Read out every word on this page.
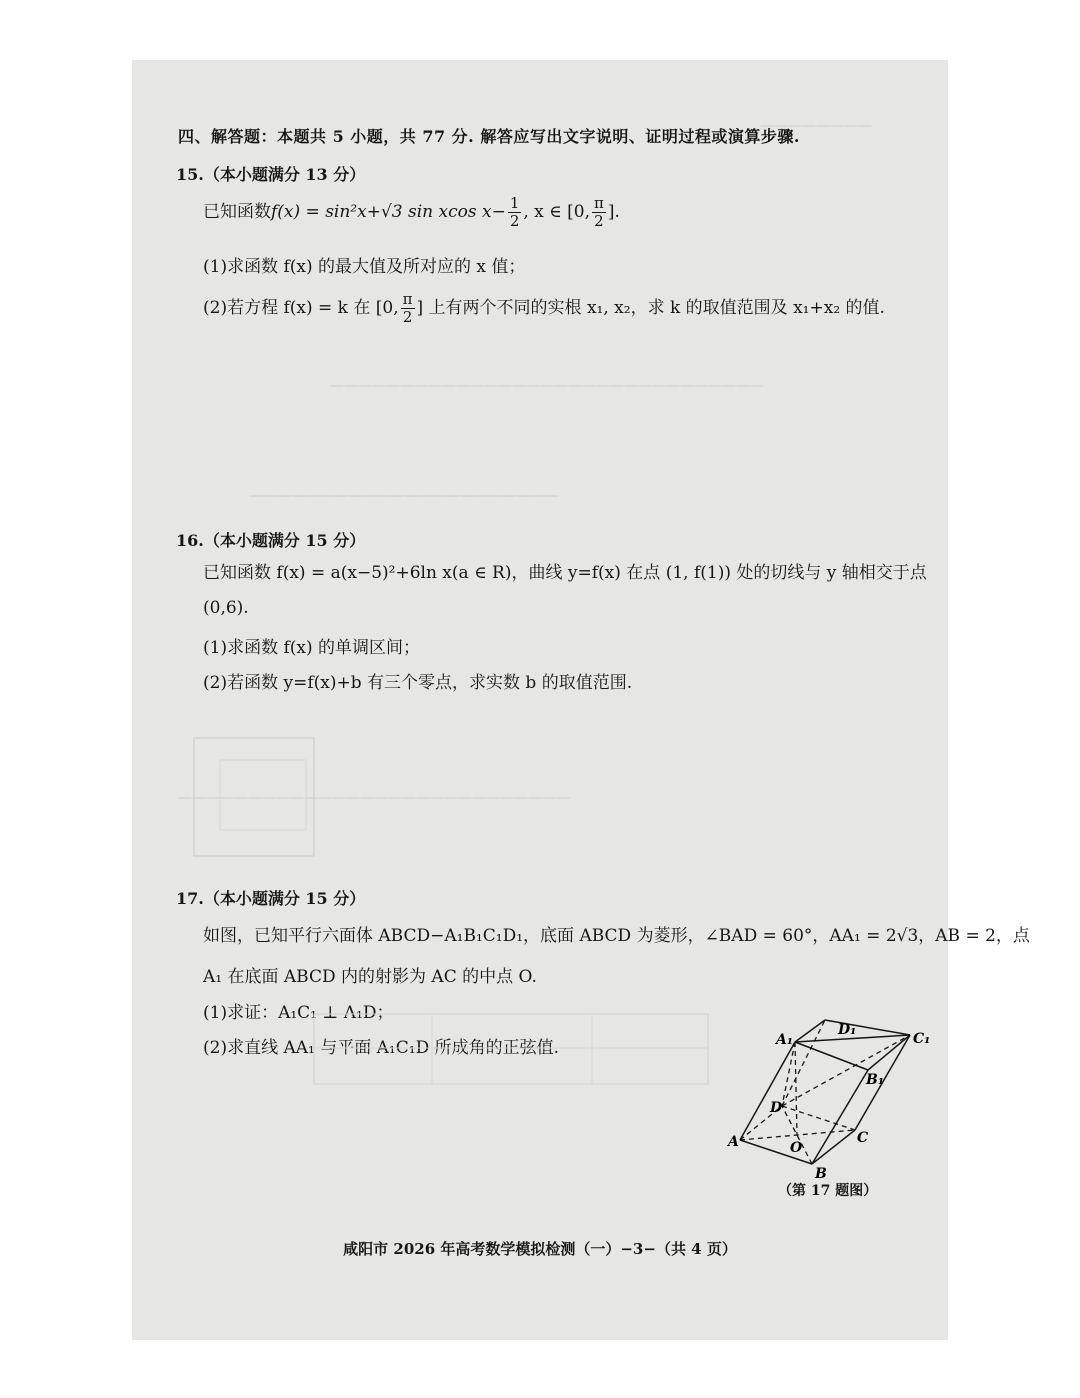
————————
———————————————————————————————
——————————————————————
————————————————————————————
四、解答题：本题共 5 小题，共 77 分. 解答应写出文字说明、证明过程或演算步骤.
15.（本小题满分 13 分）
已知函数f(x) = sin²x+√3 sin xcos $x- \frac{1}{2}$ , x ∈ [0, $\frac{\pi}{2}$ ].
(1)求函数 f(x) 的最大值及所对应的 x 值；
(2)若方程 f(x) = k 在 [0, $\frac{\pi}{2}$ ] 上有两个不同的实根 x₁, x₂，求 k 的取值范围及 x₁+x₂ 的值.
16.（本小题满分 15 分）
已知函数 f(x) = a(x−5)²+6ln x(a ∈ R)，曲线 y=f(x) 在点 (1, f(1)) 处的切线与 y 轴相交于点
(0,6).
(1)求函数 f(x) 的单调区间；
(2)若函数 y=f(x)+b 有三个零点，求实数 b 的取值范围.
17.（本小题满分 15 分）
如图，已知平行六面体 ABCD−A₁B₁C₁D₁，底面 ABCD 为菱形，∠BAD = 60°，AA₁ = 2√3，AB = 2，点
A₁ 在底面 ABCD 内的射影为 AC 的中点 O.
(1)求证：A₁C₁ ⊥ A₁D；
(2)求直线 AA₁ 与平面 A₁C₁D 所成角的正弦值.
D₁
A₁	C₁
B₁
D
A	O
C
B
（第 17 题图）
咸阳市 2026 年高考数学模拟检测（一）−3−（共 4 页）
